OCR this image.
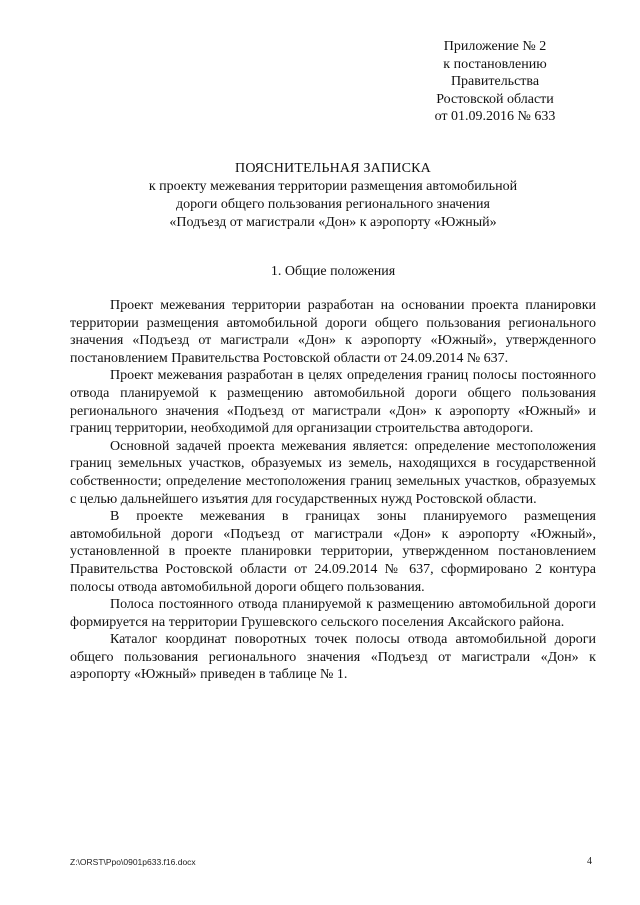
Приложение № 2
к постановлению
Правительства
Ростовской области
от 01.09.2016 № 633
ПОЯСНИТЕЛЬНАЯ ЗАПИСКА
к проекту межевания территории размещения автомобильной
дороги общего пользования регионального значения
«Подъезд от магистрали «Дон» к аэропорту «Южный»
1. Общие положения

Проект межевания территории разработан на основании проекта планировки территории размещения автомобильной дороги общего пользования регионального значения «Подъезд от магистрали «Дон» к аэропорту «Южный», утвержденного постановлением Правительства Ростовской области от 24.09.2014 № 637.

Проект межевания разработан в целях определения границ полосы постоянного отвода планируемой к размещению автомобильной дороги общего пользования регионального значения «Подъезд от магистрали «Дон» к аэропорту «Южный» и границ территории, необходимой для организации строительства автодороги.

Основной задачей проекта межевания является: определение местоположения границ земельных участков, образуемых из земель, находящихся в государственной собственности; определение местоположения границ земельных участков, образуемых с целью дальнейшего изъятия для государственных нужд Ростовской области.

В проекте межевания в границах зоны планируемого размещения автомобильной дороги «Подъезд от магистрали «Дон» к аэропорту «Южный», установленной в проекте планировки территории, утвержденном постановлением Правительства Ростовской области от 24.09.2014 № 637, сформировано 2 контура полосы отвода автомобильной дороги общего пользования.

Полоса постоянного отвода планируемой к размещению автомобильной дороги формируется на территории Грушевского сельского поселения Аксайского района.

Каталог координат поворотных точек полосы отвода автомобильной дороги общего пользования регионального значения «Подъезд от магистрали «Дон» к аэропорту «Южный» приведен в таблице № 1.

Z:\ORST\Ppo\0901p633.f16.docx	4
